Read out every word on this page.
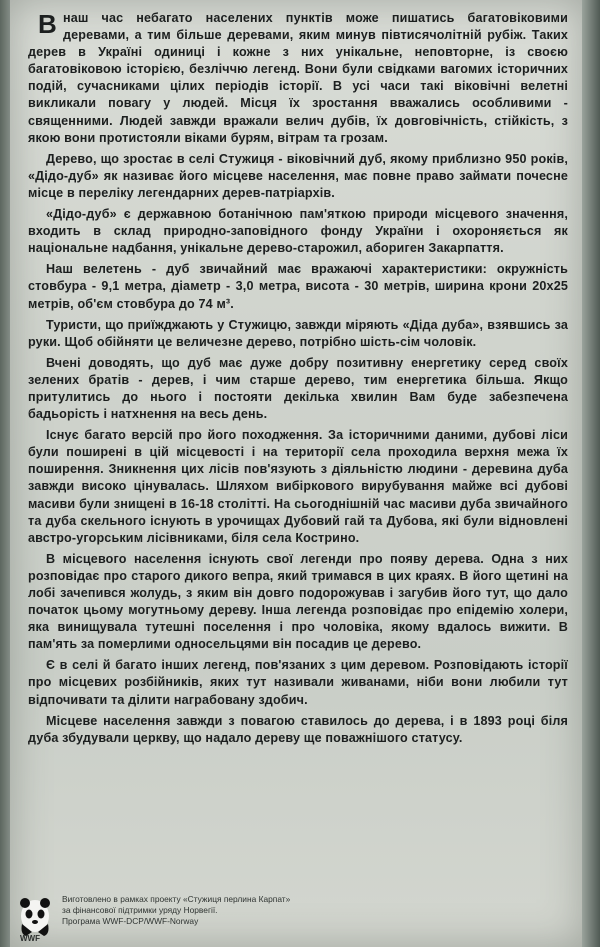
В наш час небагато населених пунктів може пишатись багатовіковими деревами, а тим більше деревами, яким минув півтисячолітній рубіж. Таких дерев в Україні одиниці і кожне з них унікальне, неповторне, із своєю багатовіковою історією, безліччю легенд. Вони були свідками вагомих історичних подій, сучасниками цілих періодів історії. В усі часи такі віковічні велетні викликали повагу у людей. Місця їх зростання вважались особливими - священними. Людей завжди вражали велич дубів, їх довговічність, стійкість, з якою вони протистояли віками бурям, вітрам та грозам.

Дерево, що зростає в селі Стужиця - віковічний дуб, якому приблизно 950 років, «Дідо-дуб» як називає його місцеве населення, має повне право займати почесне місце в переліку легендарних дерев-патріархів.

«Дідо-дуб» є державною ботанічною пам'яткою природи місцевого значення, входить в склад природно-заповідного фонду України і охороняється як національне надбання, унікальне дерево-старожил, абориген Закарпаття.

Наш велетень - дуб звичайний має вражаючі характеристики: окружність стовбура - 9,1 метра, діаметр - 3,0 метра, висота - 30 метрів, ширина крони 20х25 метрів, об'єм стовбура до 74 м³.

Туристи, що приїжджають у Стужицю, завжди міряють «Діда дуба», взявшись за руки. Щоб обійняти це величезне дерево, потрібно шість-сім чоловік.

Вчені доводять, що дуб має дуже добру позитивну енергетику серед своїх зелених братів - дерев, і чим старше дерево, тим енергетика більша. Якщо притулитись до нього і постояти декілька хвилин Вам буде забезпечена бадьорість і натхнення на весь день.

Існує багато версій про його походження. За історичними даними, дубові ліси були поширені в цій місцевості і на території села проходила верхня межа їх поширення. Зникнення цих лісів пов'язують з діяльністю людини - деревина дуба завжди високо цінувалась. Шляхом вибіркового вирубування майже всі дубові масиви були знищені в 16-18 столітті. На сьогоднішній час масиви дуба звичайного та дуба скельного існують в урочищах Дубовий гай та Дубова, які були відновлені австро-угорським лісівниками, біля села Кострино.

В місцевого населення існують свої легенди про появу дерева. Одна з них розповідає про старого дикого вепра, який тримався в цих краях. В його щетині на лобі зачепився жолудь, з яким він довго подорожував і загубив його тут, що дало початок цьому могутньому дереву. Інша легенда розповідає про епідемію холери, яка винищувала тутешні поселення і про чоловіка, якому вдалось вижити. В пам'ять за померлими односельцями він посадив це дерево.

Є в селі й багато інших легенд, пов'язаних з цим деревом. Розповідають історії про місцевих розбійників, яких тут називали живанами, ніби вони любили тут відпочивати та ділити награбовану здобич.

Місцеве населення завжди з повагою ставилось до дерева, і в 1893 році біля дуба збудували церкву, що надало дереву ще поважнішого статусу.

WWF
Виготовлено в рамках проекту «Стужиця перлина Карпат»
за фінансової підтримки уряду Норвегії.
Програма WWF-DCP/WWF-Norway
